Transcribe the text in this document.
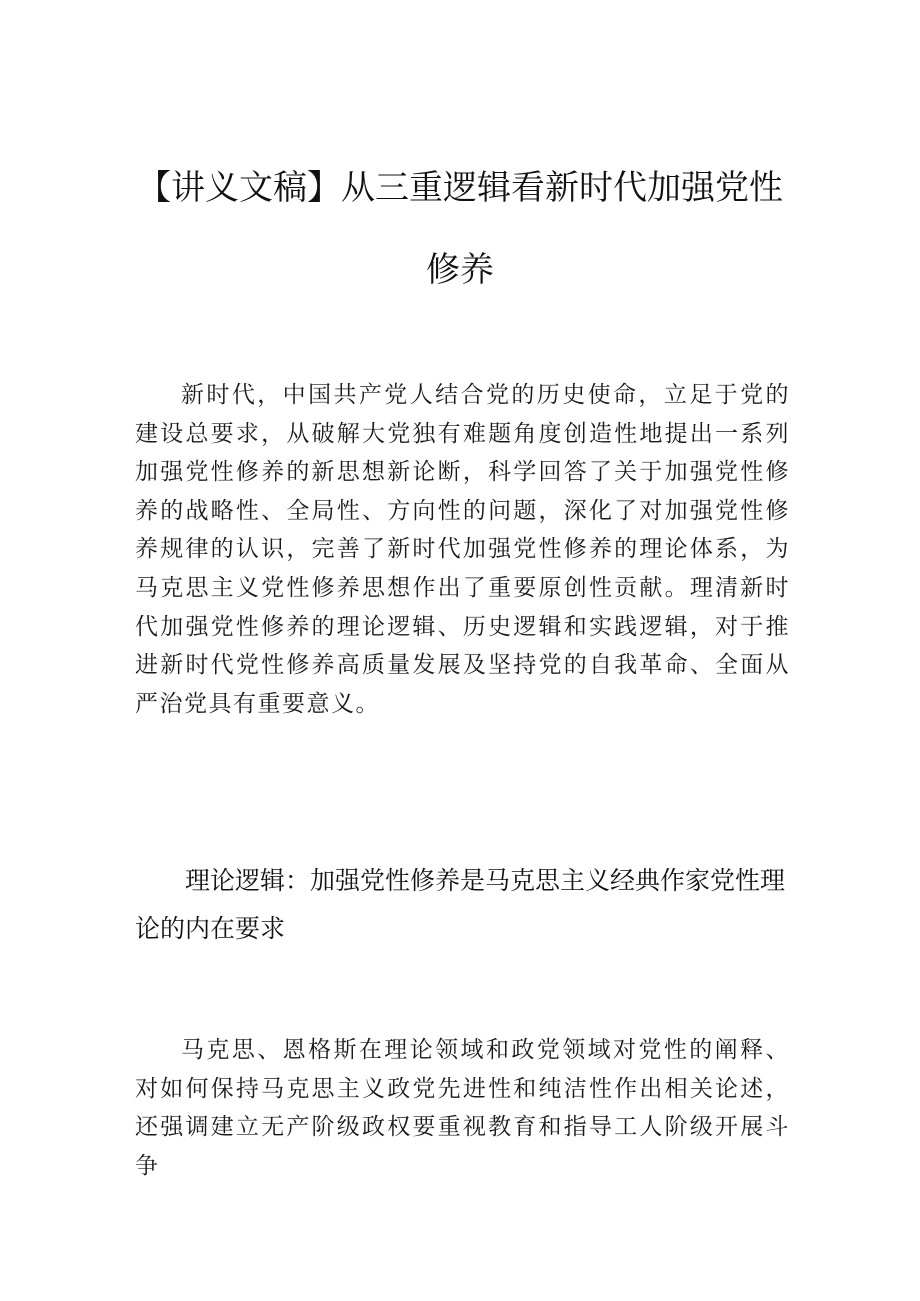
【讲义文稿】从三重逻辑看新时代加强党性
修养

新时代，中国共产党人结合党的历史使命，立足于党的建设总要求，从破解大党独有难题角度创造性地提出一系列加强党性修养的新思想新论断，科学回答了关于加强党性修养的战略性、全局性、方向性的问题，深化了对加强党性修养规律的认识，完善了新时代加强党性修养的理论体系，为马克思主义党性修养思想作出了重要原创性贡献。理清新时代加强党性修养的理论逻辑、历史逻辑和实践逻辑，对于推进新时代党性修养高质量发展及坚持党的自我革命、全面从严治党具有重要意义。

理论逻辑：加强党性修养是马克思主义经典作家党性理论的内在要求

马克思、恩格斯在理论领域和政党领域对党性的阐释、对如何保持马克思主义政党先进性和纯洁性作出相关论述，还强调建立无产阶级政权要重视教育和指导工人阶级开展斗争
